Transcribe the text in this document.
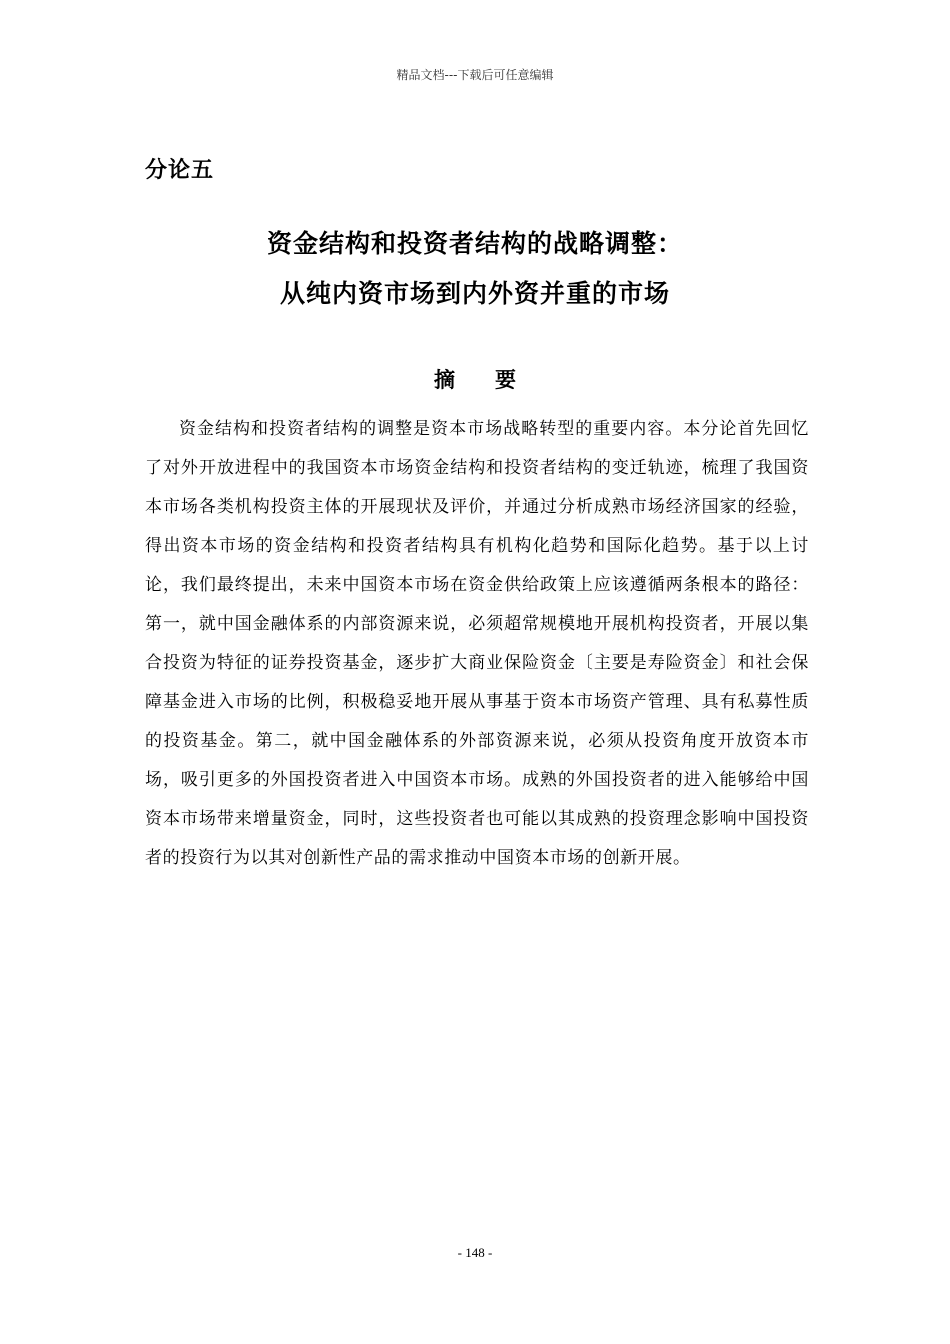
精品文档---下载后可任意编辑
分论五
资金结构和投资者结构的战略调整：
从纯内资市场到内外资并重的市场
摘要

资金结构和投资者结构的调整是资本市场战略转型的重要内容。本分论首先回忆了对外开放进程中的我国资本市场资金结构和投资者结构的变迁轨迹，梳理了我国资本市场各类机构投资主体的开展现状及评价，并通过分析成熟市场经济国家的经验，得出资本市场的资金结构和投资者结构具有机构化趋势和国际化趋势。基于以上讨论，我们最终提出，未来中国资本市场在资金供给政策上应该遵循两条根本的路径：第一，就中国金融体系的内部资源来说，必须超常规模地开展机构投资者，开展以集合投资为特征的证券投资基金，逐步扩大商业保险资金〔主要是寿险资金〕和社会保障基金进入市场的比例，积极稳妥地开展从事基于资本市场资产管理、具有私募性质的投资基金。第二，就中国金融体系的外部资源来说，必须从投资角度开放资本市场，吸引更多的外国投资者进入中国资本市场。成熟的外国投资者的进入能够给中国资本市场带来增量资金，同时，这些投资者也可能以其成熟的投资理念影响中国投资者的投资行为以其对创新性产品的需求推动中国资本市场的创新开展。

- 148 -
